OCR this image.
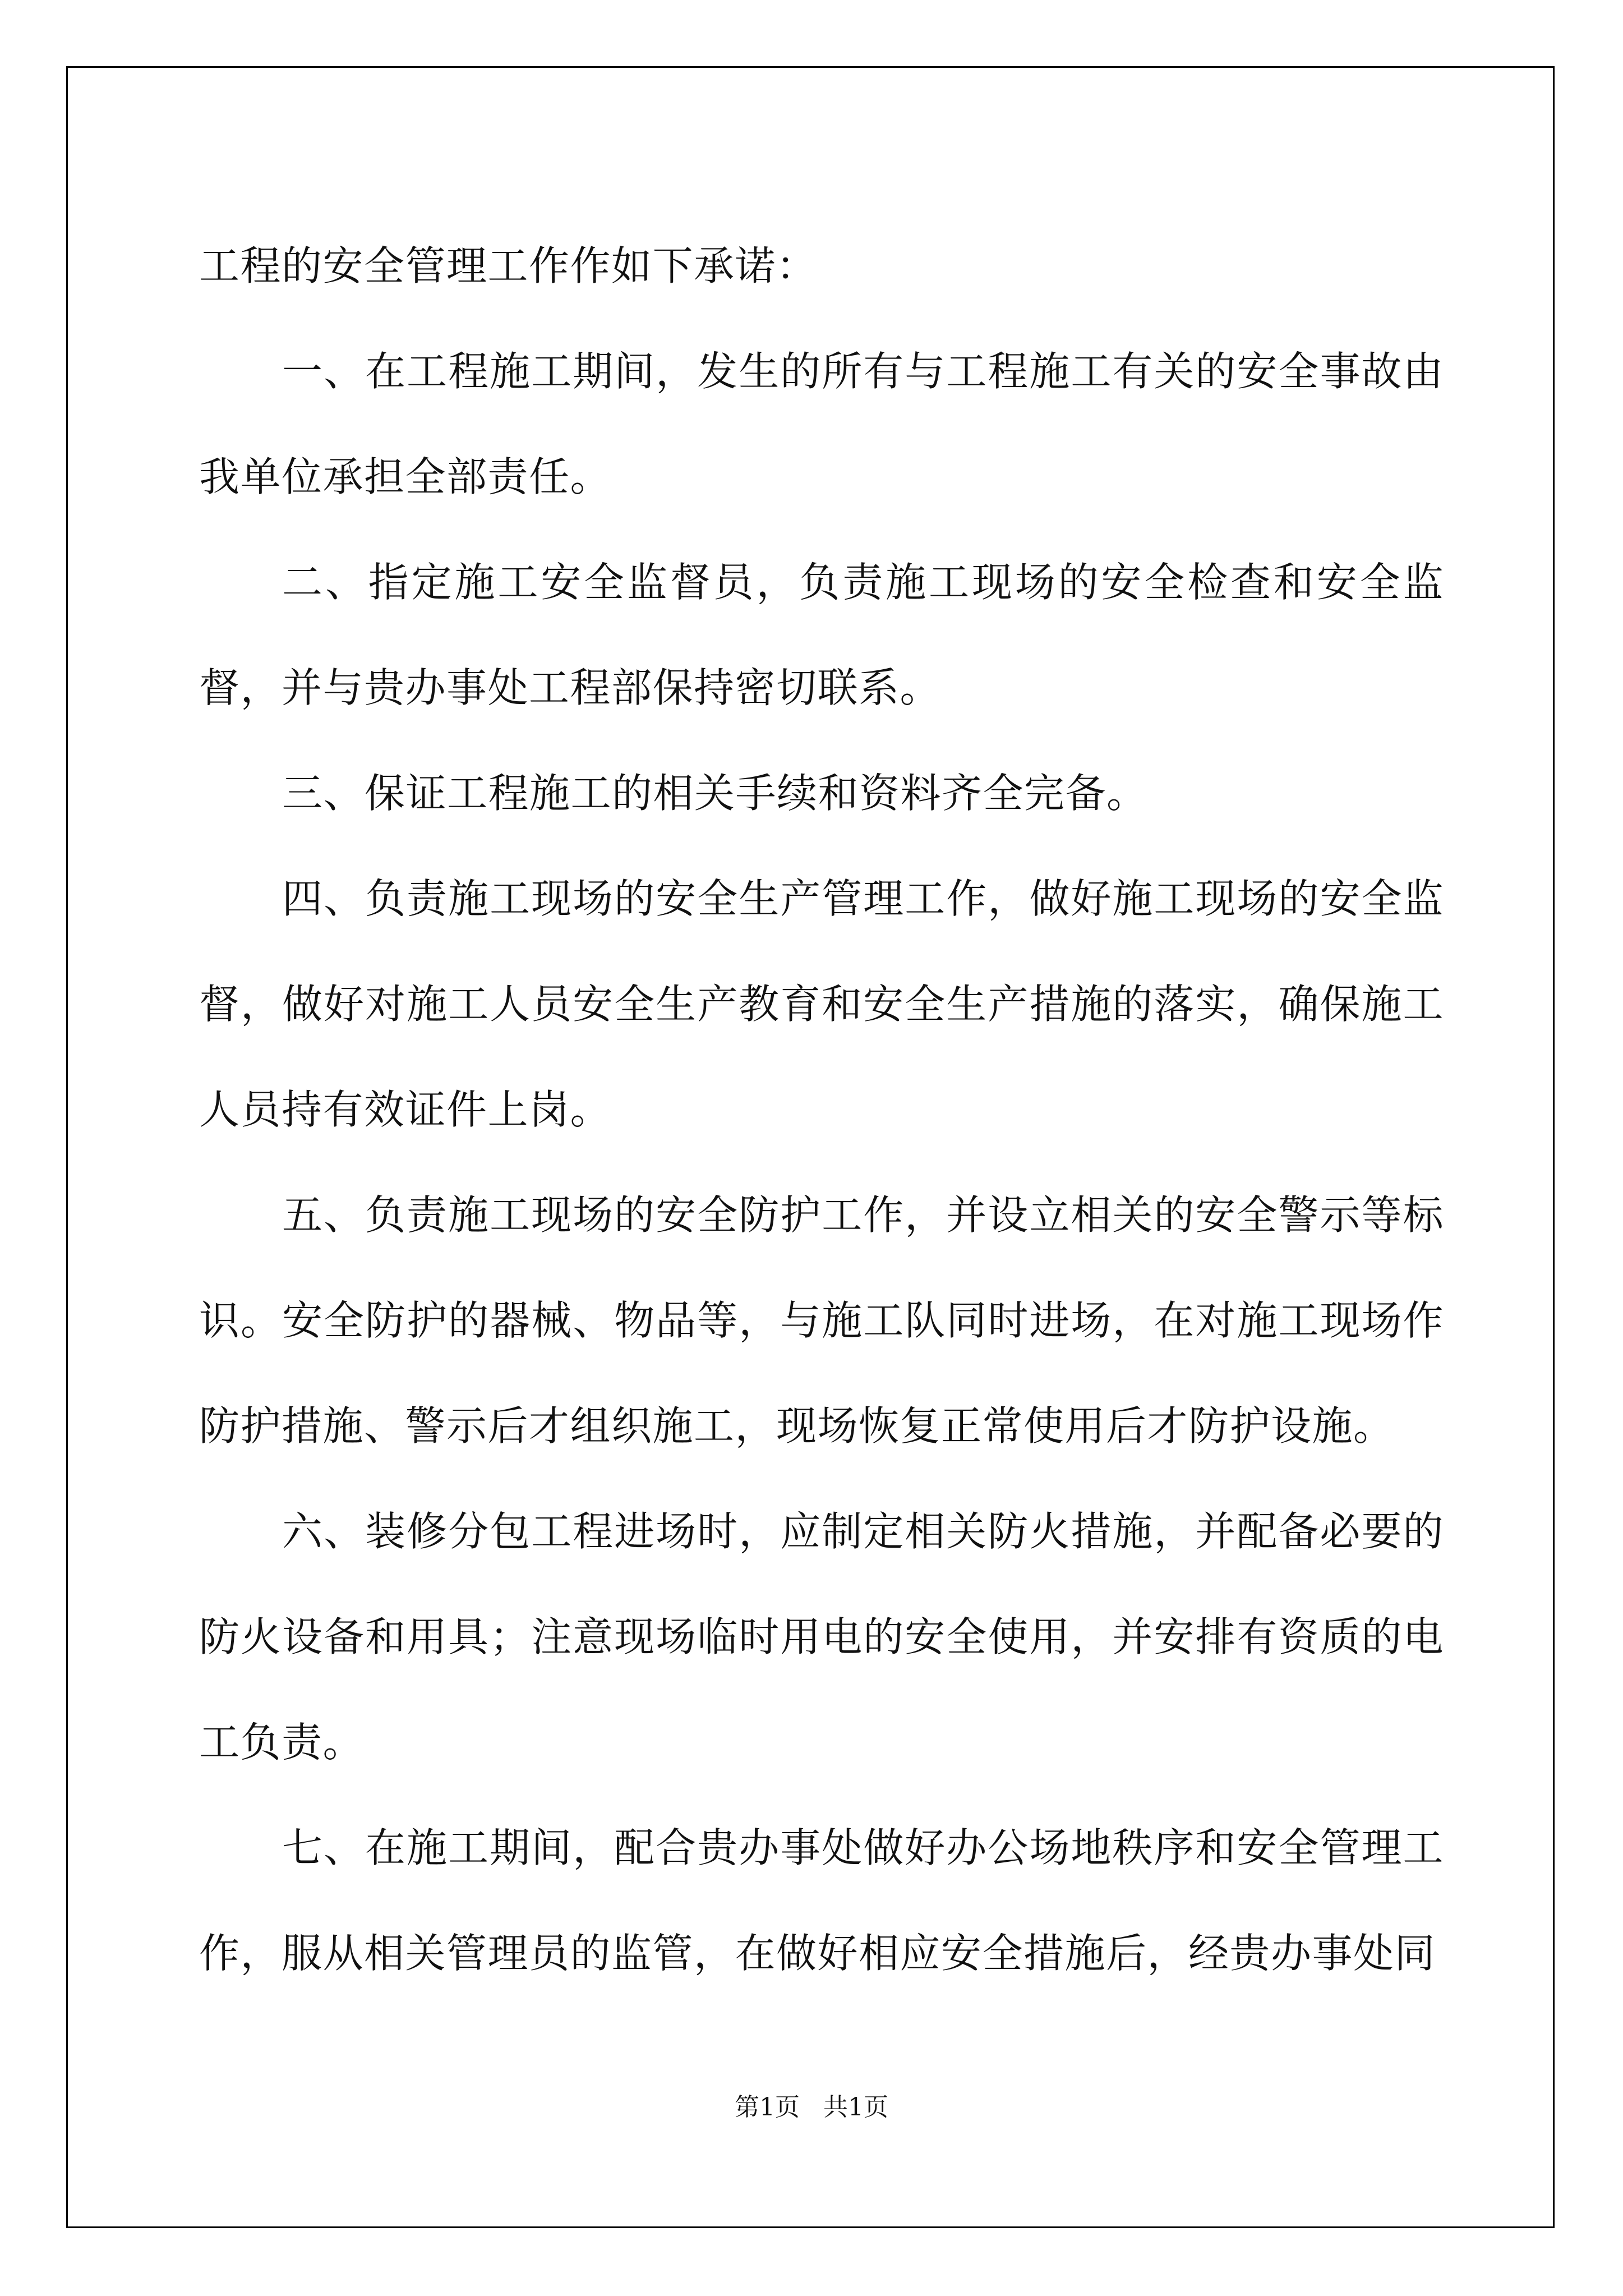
工程的安全管理工作作如下承诺：

一、在工程施工期间，发生的所有与工程施工有关的安全事故由我单位承担全部责任。

二、指定施工安全监督员，负责施工现场的安全检查和安全监督，并与贵办事处工程部保持密切联系。

三、保证工程施工的相关手续和资料齐全完备。

四、负责施工现场的安全生产管理工作，做好施工现场的安全监督，做好对施工人员安全生产教育和安全生产措施的落实，确保施工人员持有效证件上岗。

五、负责施工现场的安全防护工作，并设立相关的安全警示等标识。安全防护的器械、物品等，与施工队同时进场，在对施工现场作防护措施、警示后才组织施工，现场恢复正常使用后才防护设施。

六、装修分包工程进场时，应制定相关防火措施，并配备必要的防火设备和用具；注意现场临时用电的安全使用，并安排有资质的电工负责。

七、在施工期间，配合贵办事处做好办公场地秩序和安全管理工作，服从相关管理员的监管，在做好相应安全措施后，经贵办事处同

第1页   共1页
